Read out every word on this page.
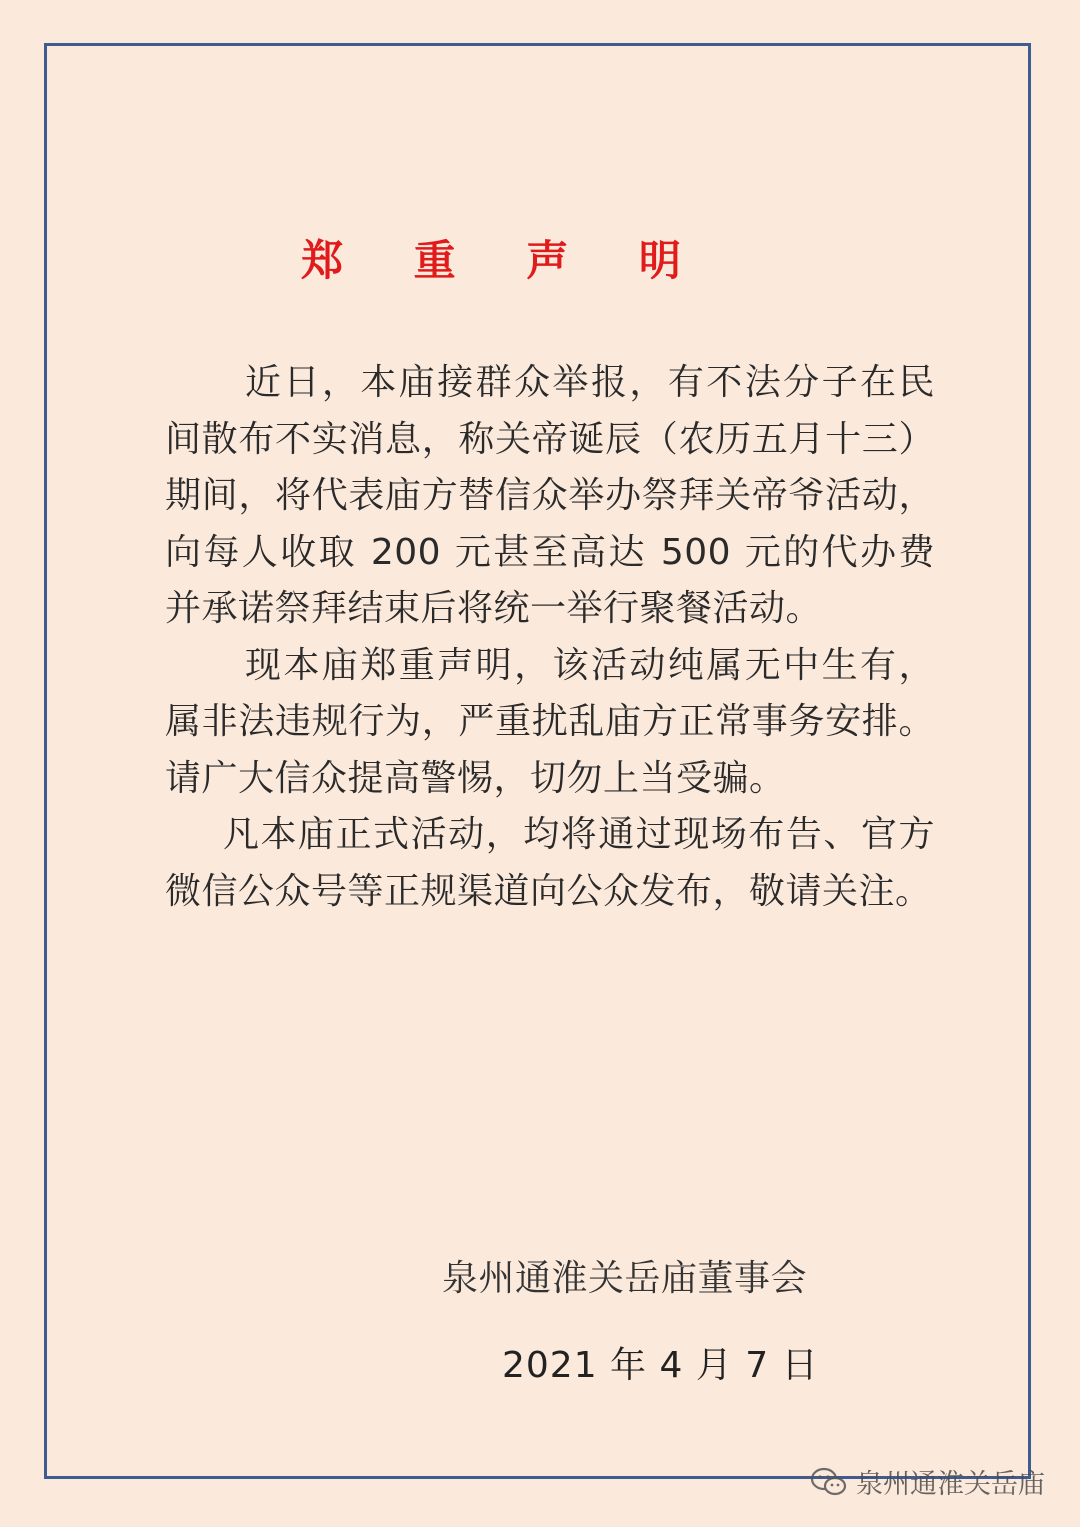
郑 重 声 明

近日，本庙接群众举报，有不法分子在民间散布不实消息，称关帝诞辰（农历五月十三）期间，将代表庙方替信众举办祭拜关帝爷活动，向每人收取 200 元甚至高达 500 元的代办费并承诺祭拜结束后将统一举行聚餐活动。

现本庙郑重声明，该活动纯属无中生有，属非法违规行为，严重扰乱庙方正常事务安排。请广大信众提高警惕，切勿上当受骗。

凡本庙正式活动，均将通过现场布告、官方微信公众号等正规渠道向公众发布，敬请关注。

泉州通淮关岳庙董事会
2021 年 4 月 7 日
泉州通淮关岳庙
